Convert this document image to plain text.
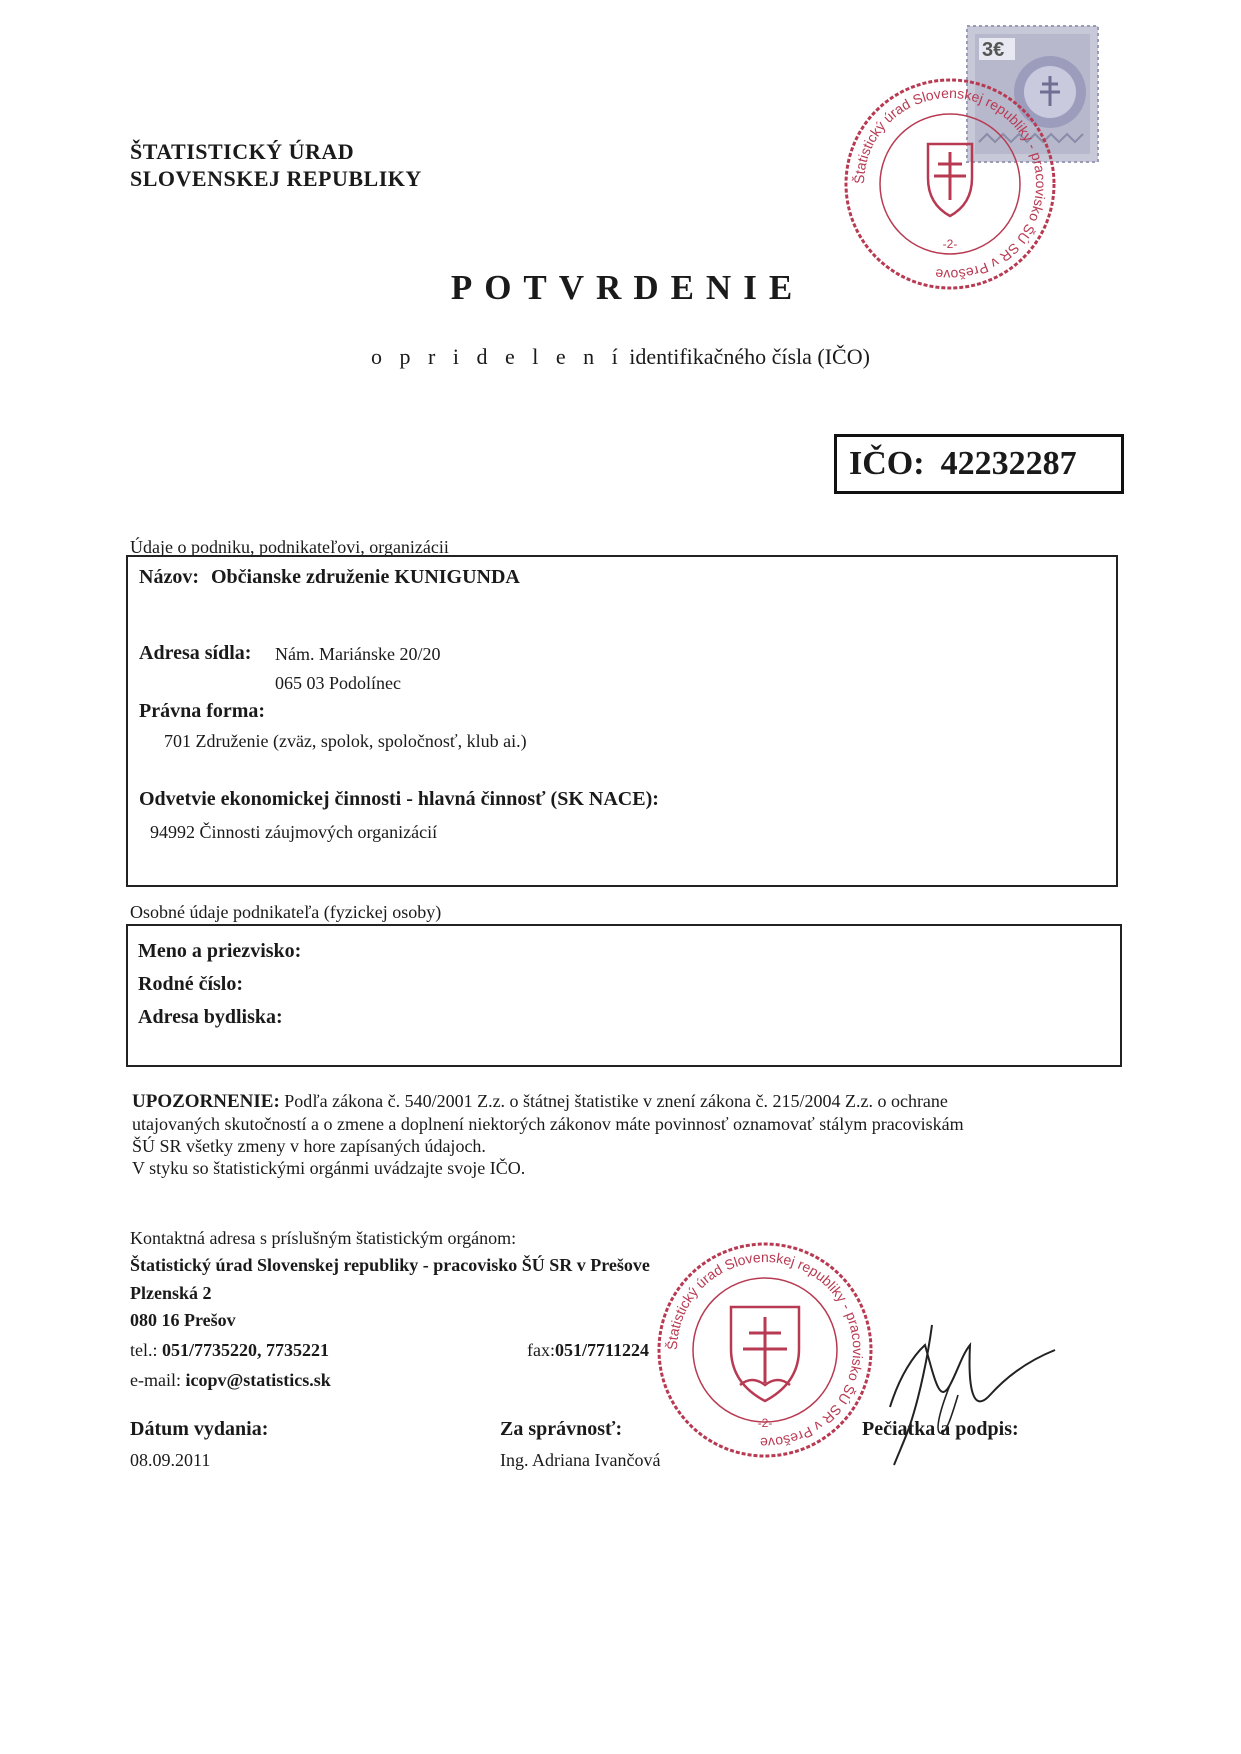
ŠTATISTICKÝ ÚRAD
SLOVENSKEJ REPUBLIKY
3€
Štatistický úrad Slovenskej republiky - pracovisko ŠÚ SR v Prešove
-2-
POTVRDENIE
o p r i d e l e n í identifikačného čísla (IČO)
IČO: 42232287
Údaje o podniku, podnikateľovi, organizácii
Názov: Občianske združenie KUNIGUNDA
Adresa sídla: Nám. Mariánske 20/20
065 03 Podolínec
Právna forma:
701 Združenie (zväz, spolok, spoločnosť, klub ai.)
Odvetvie ekonomickej činnosti - hlavná činnosť (SK NACE):
94992 Činnosti záujmových organizácií
Osobné údaje podnikateľa (fyzickej osoby)
Meno a priezvisko:
Rodné číslo:
Adresa bydliska:
UPOZORNENIE: Podľa zákona č. 540/2001 Z.z. o štátnej štatistike v znení zákona č. 215/2004 Z.z. o ochrane
utajovaných skutočností a o zmene a doplnení niektorých zákonov máte povinnosť oznamovať stálym pracoviskám
ŠÚ SR všetky zmeny v hore zapísaných údajoch.
V styku so štatistickými orgánmi uvádzajte svoje IČO.
Kontaktná adresa s príslušným štatistickým orgánom:
Štatistický úrad Slovenskej republiky - pracovisko ŠÚ SR v Prešove
Plzenská 2
080 16 Prešov
tel.: 051/7735220, 7735221	fax:051/7711224
e-mail: icopv@statistics.sk
Dátum vydania:
08.09.2011
Za správnosť:
Ing. Adriana Ivančová
Pečiatka a podpis:
Štatistický úrad Slovenskej republiky - pracovisko ŠÚ SR v Prešove
-2-
